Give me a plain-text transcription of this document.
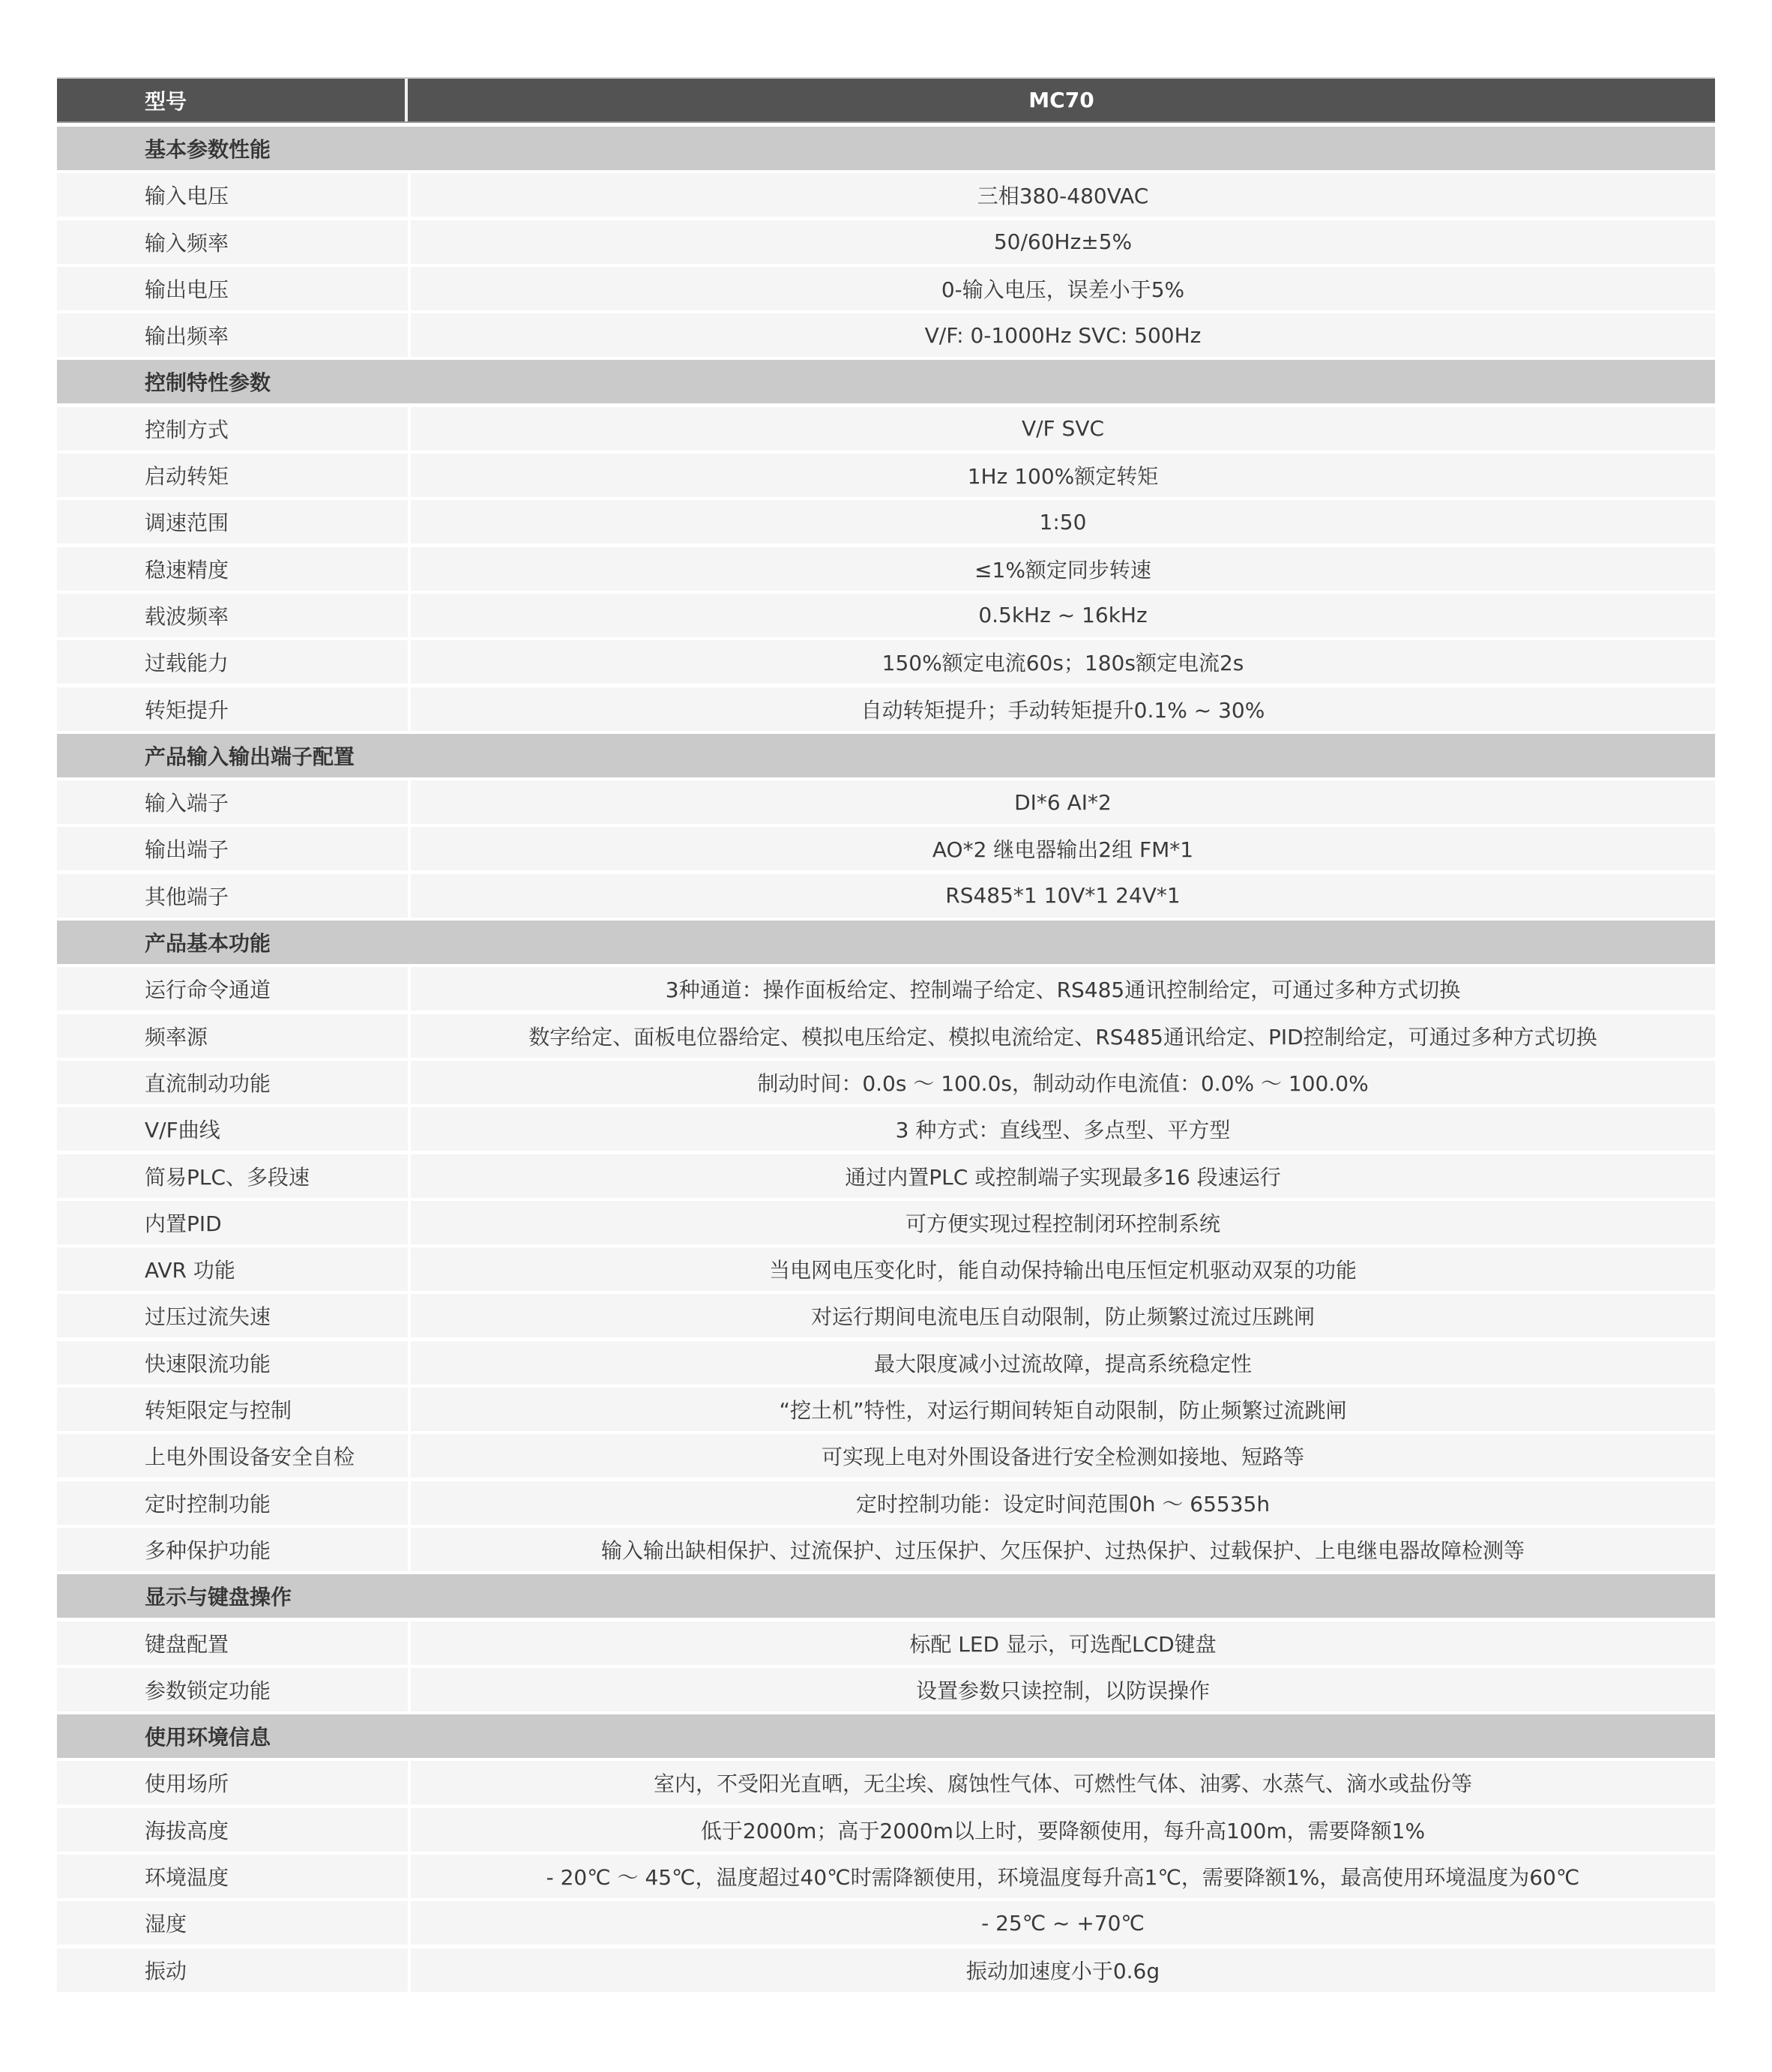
型号	MC70
基本参数性能
输入电压	三相380-480VAC
输入频率	50/60Hz±5%
输出电压	0-输入电压，误差小于5%
输出频率	V/F: 0-1000Hz SVC: 500Hz
控制特性参数
控制方式	V/F SVC
启动转矩	1Hz 100%额定转矩
调速范围	1:50
稳速精度	≤1%额定同步转速
载波频率	0.5kHz ~ 16kHz
过载能力	150%额定电流60s；180s额定电流2s
转矩提升	自动转矩提升；手动转矩提升0.1% ~ 30%
产品输入输出端子配置
输入端子	DI*6 AI*2
输出端子	AO*2 继电器输出2组 FM*1
其他端子	RS485*1 10V*1 24V*1
产品基本功能
运行命令通道	3种通道：操作面板给定、控制端子给定、RS485通讯控制给定，可通过多种方式切换
频率源	数字给定、面板电位器给定、模拟电压给定、模拟电流给定、RS485通讯给定、PID控制给定，可通过多种方式切换
直流制动功能	制动时间：0.0s ～ 100.0s，制动动作电流值：0.0% ～ 100.0%
V/F曲线	3 种方式：直线型、多点型、平方型
简易PLC、多段速	通过内置PLC 或控制端子实现最多16 段速运行
内置PID	可方便实现过程控制闭环控制系统
AVR 功能	当电网电压变化时，能自动保持输出电压恒定机驱动双泵的功能
过压过流失速	对运行期间电流电压自动限制，防止频繁过流过压跳闸
快速限流功能	最大限度减小过流故障，提高系统稳定性
转矩限定与控制	“挖土机”特性，对运行期间转矩自动限制，防止频繁过流跳闸
上电外围设备安全自检	可实现上电对外围设备进行安全检测如接地、短路等
定时控制功能	定时控制功能：设定时间范围0h ～ 65535h
多种保护功能	输入输出缺相保护、过流保护、过压保护、欠压保护、过热保护、过载保护、上电继电器故障检测等
显示与键盘操作
键盘配置	标配 LED 显示，可选配LCD键盘
参数锁定功能	设置参数只读控制，以防误操作
使用环境信息
使用场所	室内，不受阳光直晒，无尘埃、腐蚀性气体、可燃性气体、油雾、水蒸气、滴水或盐份等
海拔高度	低于2000m；高于2000m以上时，要降额使用，每升高100m，需要降额1%
环境温度	- 20℃ ～ 45℃，温度超过40℃时需降额使用，环境温度每升高1℃，需要降额1%，最高使用环境温度为60℃
湿度	- 25℃ ~ +70℃
振动	振动加速度小于0.6g
